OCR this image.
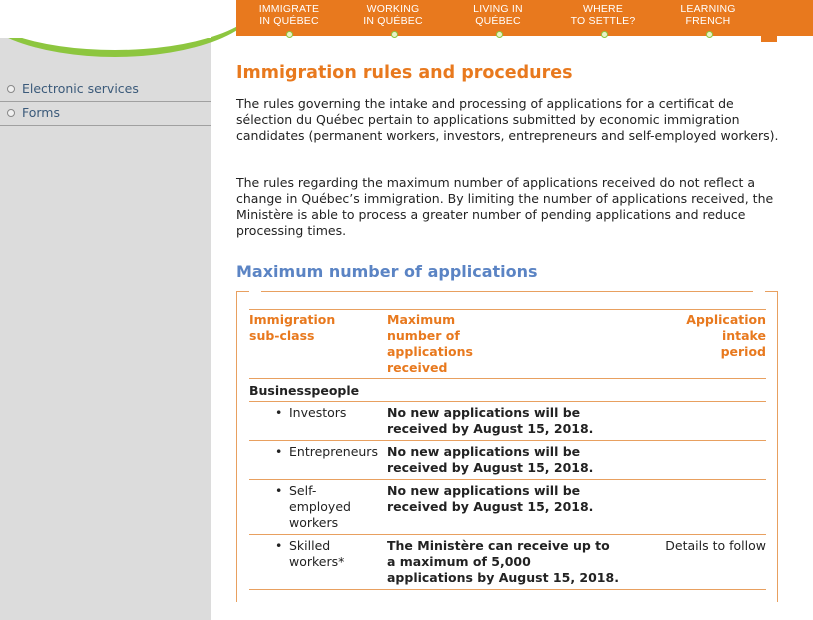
Electronic services
Forms
IMMIGRATE
IN QUÉBEC
WORKING
IN QUÉBEC
LIVING IN
QUÉBEC
WHERE
TO SETTLE?
LEARNING
FRENCH
Immigration rules and procedures

The rules governing the intake and processing of applications for a certificat de sélection du Québec pertain to applications submitted by economic immigration candidates (permanent workers, investors, entrepreneurs and self-employed workers).

The rules regarding the maximum number of applications received do not reflect a change in Québec’s immigration. By limiting the number of applications received, the Ministère is able to process a greater number of pending applications and reduce processing times.

Maximum number of applications
Immigration sub-class	Maximum number of applications received	Application intake period
Businesspeople		

• Investors	No new applications will be received by August 15, 2018.	

• Entrepreneurs	No new applications will be received by August 15, 2018.	

• Self-employed workers	No new applications will be received by August 15, 2018.	

• Skilled workers*	The Ministère can receive up to a maximum of 5,000 applications by August 15, 2018.	Details to follow
